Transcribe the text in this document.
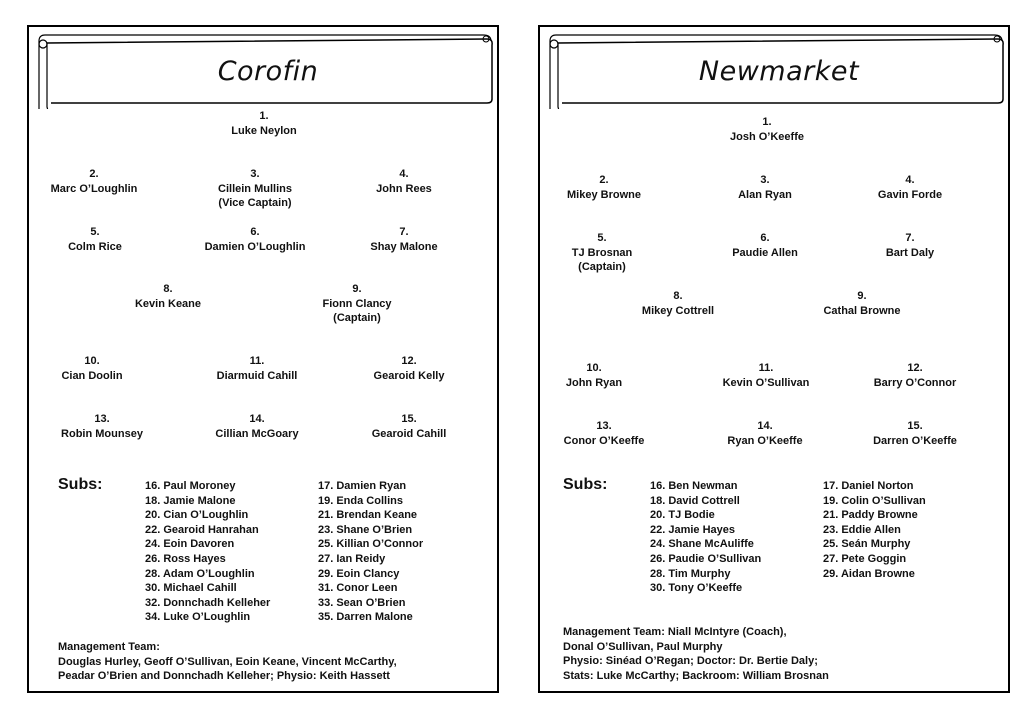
Corofin
1.
Luke Neylon
2.
Marc O’Loughlin
3.
Cillein Mullins
(Vice Captain)
4.
John Rees
5.
Colm Rice
6.
Damien O’Loughlin
7.
Shay Malone
8.
Kevin Keane
9.
Fionn Clancy
(Captain)
10.
Cian Doolin
11.
Diarmuid Cahill
12.
Gearoid Kelly
13.
Robin Mounsey
14.
Cillian McGoary
15.
Gearoid Cahill
Subs:	16. Paul Moroney
18. Jamie Malone
20. Cian O’Loughlin
22. Gearoid Hanrahan
24. Eoin Davoren
26. Ross Hayes
28. Adam O’Loughlin
30. Michael Cahill
32. Donnchadh Kelleher
34. Luke O’Loughlin
17. Damien Ryan
19. Enda Collins
21. Brendan Keane
23. Shane O’Brien
25. Killian O’Connor
27. Ian Reidy
29. Eoin Clancy
31. Conor Leen
33. Sean O’Brien
35. Darren Malone
Management Team:
Douglas Hurley, Geoff O’Sullivan, Eoin Keane, Vincent McCarthy,
Peadar O’Brien and Donnchadh Kelleher; Physio: Keith Hassett
Newmarket
1.
Josh O’Keeffe
2.
Mikey Browne
3.
Alan Ryan
4.
Gavin Forde
5.
TJ Brosnan
(Captain)
6.
Paudie Allen
7.
Bart Daly
8.
Mikey Cottrell
9.
Cathal Browne
10.
John Ryan
11.
Kevin O’Sullivan
12.
Barry O’Connor
13.
Conor O’Keeffe
14.
Ryan O’Keeffe
15.
Darren O’Keeffe
Subs:	16. Ben Newman
18. David Cottrell
20. TJ Bodie
22. Jamie Hayes
24. Shane McAuliffe
26. Paudie O’Sullivan
28. Tim Murphy
30. Tony O’Keeffe
17. Daniel Norton
19. Colin O’Sullivan
21. Paddy Browne
23. Eddie Allen
25. Seán Murphy
27. Pete Goggin
29. Aidan Browne
Management Team: Niall McIntyre (Coach),
Donal O’Sullivan, Paul Murphy
Physio: Sinéad O’Regan; Doctor: Dr. Bertie Daly;
Stats: Luke McCarthy; Backroom: William Brosnan
